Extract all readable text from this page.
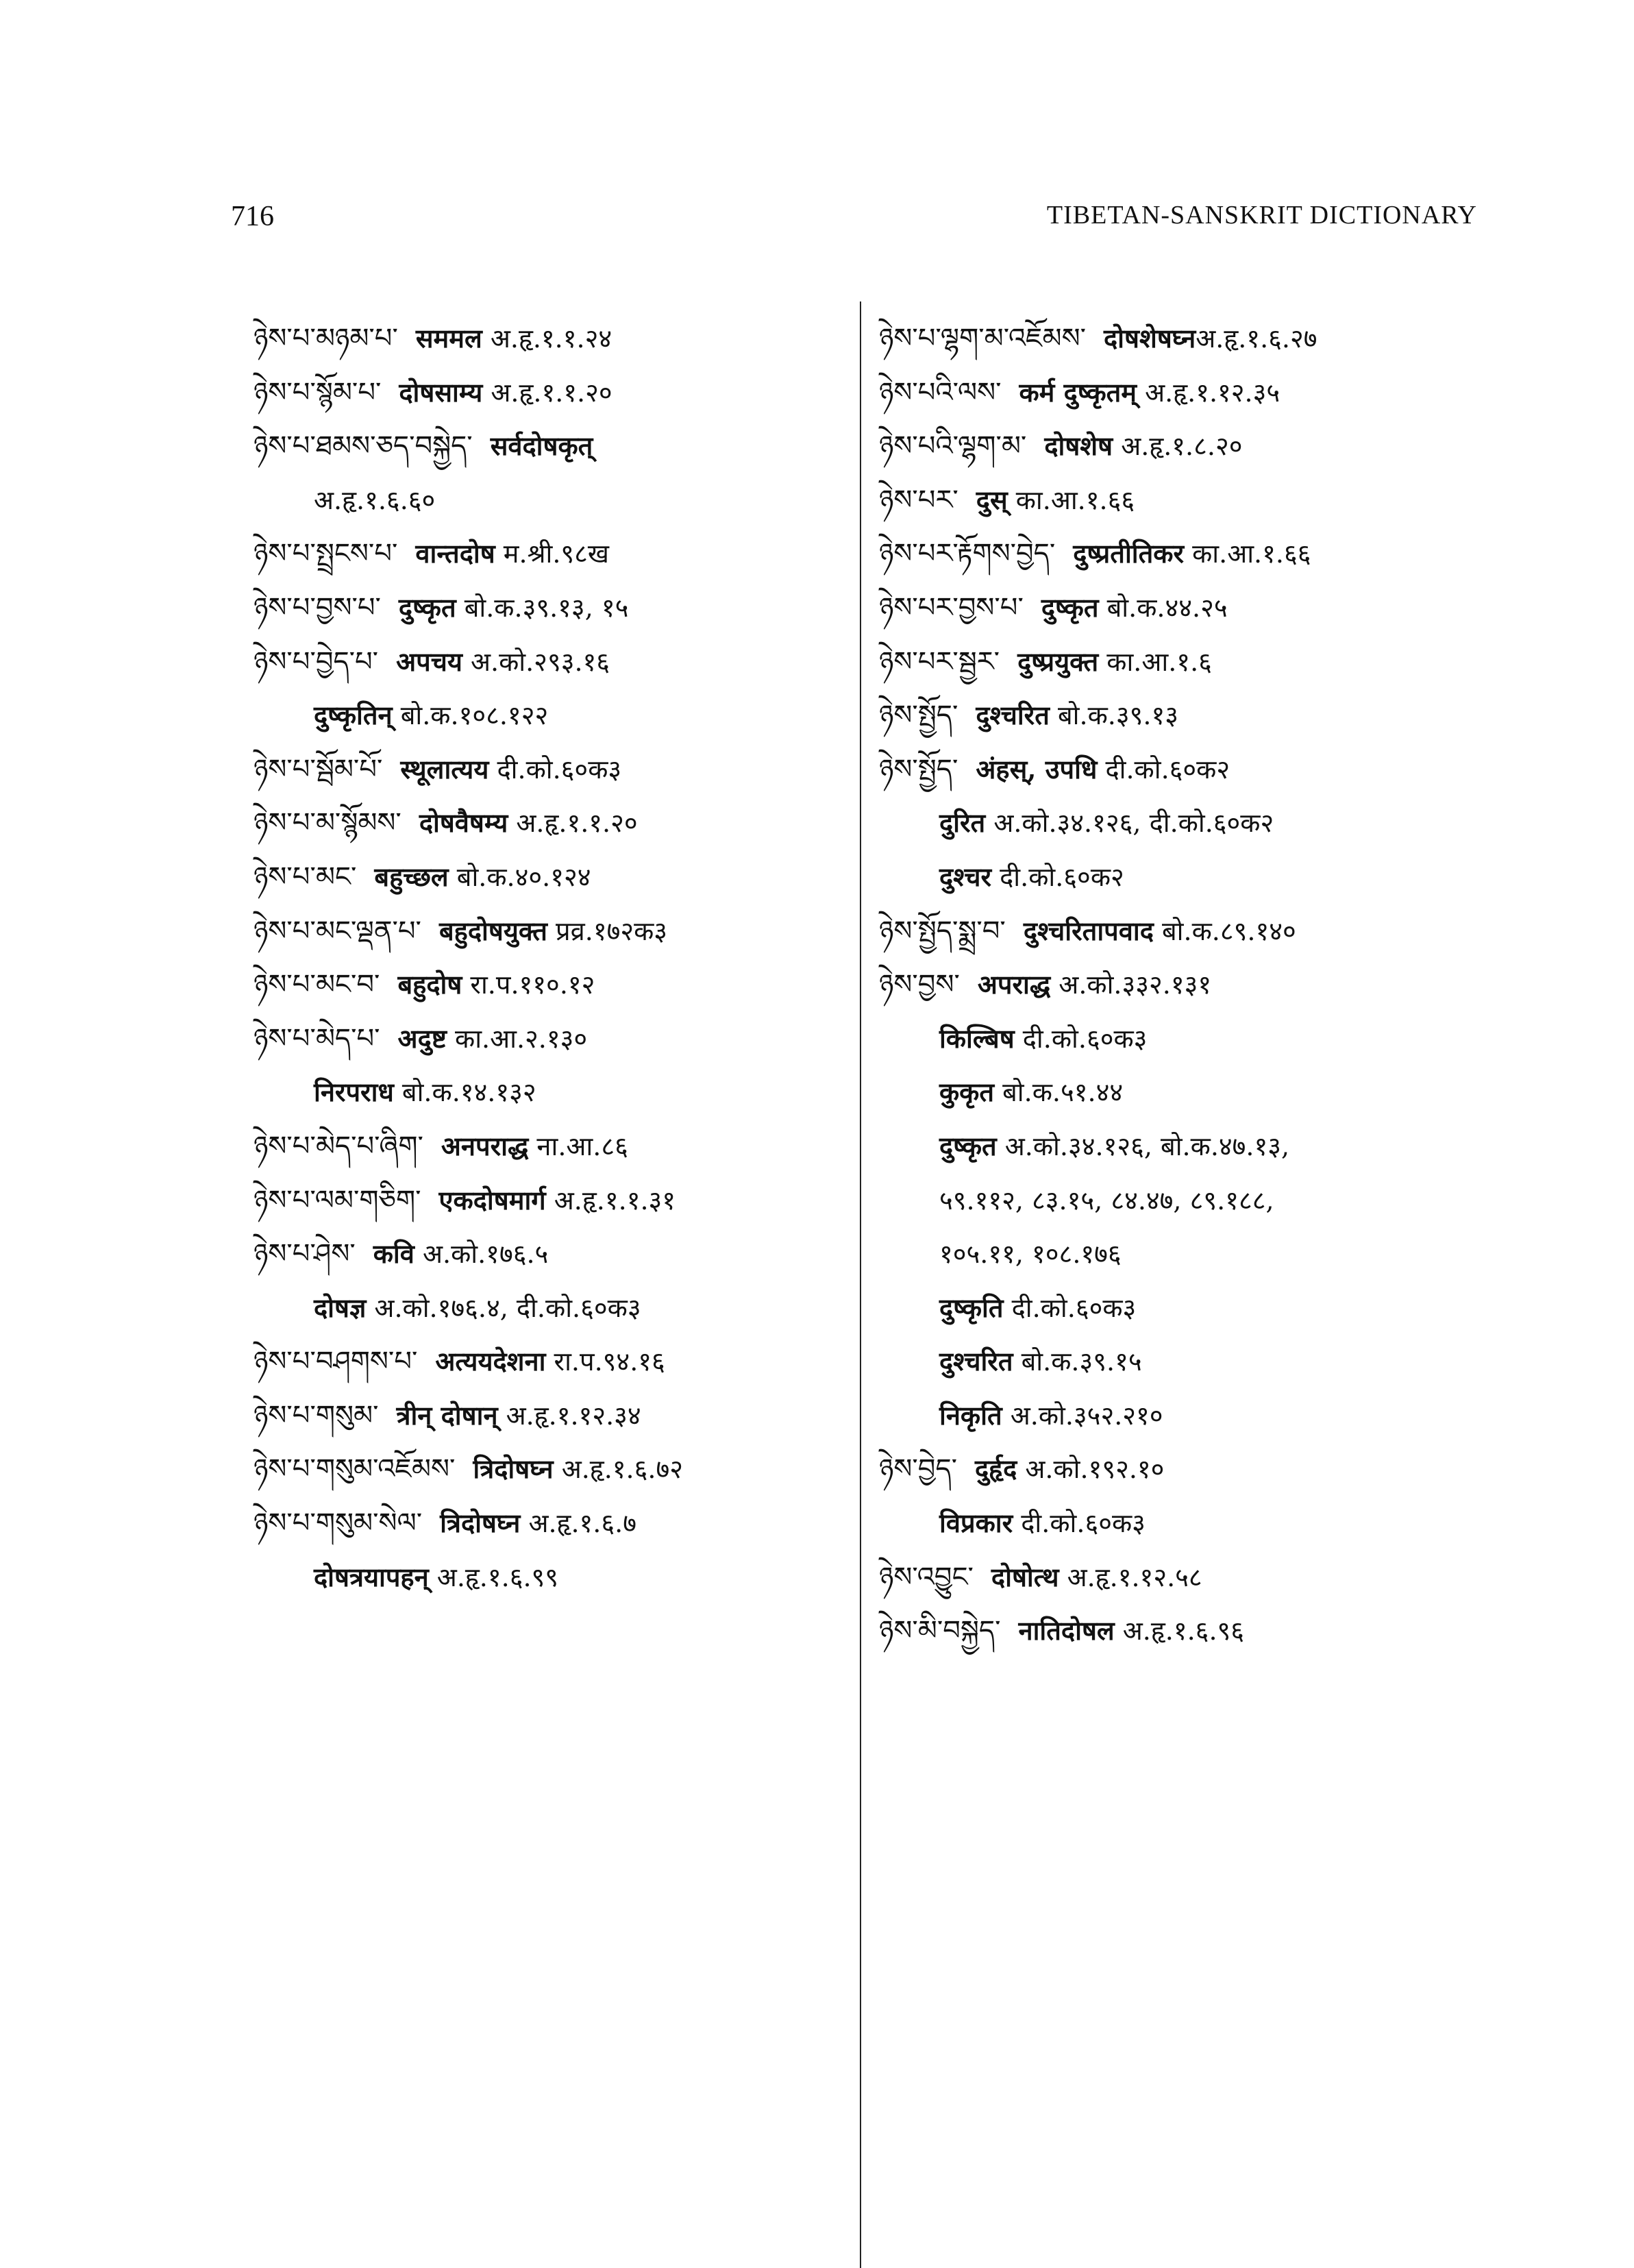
716	TIBETAN-SANSKRIT DICTIONARY
ཉེས་པ་མཉམ་པ་ सममल अ.हृ.१.१.२४
ཉེས་པ་སྙོམ་པ་ दोषसाम्य अ.हृ.१.१.२०
ཉེས་པ་ཐམས་ཅད་བསྐྱེད་ सर्वदोषकृत्
अ.हृ.१.६.६०
ཉེས་པ་སྤྲངས་པ་ वान्तदोष म.श्री.९८ख
ཉེས་པ་བྱས་པ་ दुष्कृत बो.क.३९.१३, १५
ཉེས་པ་བྱེད་པ་ अपचय अ.को.२९३.१६
दुष्कृतिन् बो.क.१०८.१२२
ཉེས་པ་སྦོམ་པོ་ स्थूलात्यय दी.को.६०क३
ཉེས་པ་མ་སྙོམས་ दोषवैषम्य अ.हृ.१.१.२०
ཉེས་པ་མང་ बहुच्छल बो.क.४०.१२४
ཉེས་པ་མང་ལྡན་པ་ बहुदोषयुक्त प्रव्र.१७२क३
ཉེས་པ་མང་བ་ बहुदोष रा.प.११०.१२
ཉེས་པ་མེད་པ་ अदुष्ट का.आ.२.१३०
निरपराध बो.क.१४.१३२
ཉེས་པ་མེད་པ་ཞིག་ अनपराद्ध ना.आ.८६
ཉེས་པ་ལམ་གཅིག་ एकदोषमार्ग अ.हृ.१.१.३१
ཉེས་པ་ཤེས་ कवि अ.को.१७६.५
दोषज्ञ अ.को.१७६.४, दी.को.६०क३
ཉེས་པ་བཤགས་པ་ अत्ययदेशना रा.प.९४.१६
ཉེས་པ་གསུམ་ त्रीन् दोषान् अ.हृ.१.१२.३४
ཉེས་པ་གསུམ་འཇོམས་ त्रिदोषघ्न अ.हृ.१.६.७२
ཉེས་པ་གསུམ་སེལ་ त्रिदोषघ्न अ.हृ.१.६.७
दोषत्रयापहन् अ.हृ.१.६.९९
ཉེས་པ་ལྷག་མ་འཇོམས་ दोषशेषघ्नअ.हृ.१.६.२७
ཉེས་པའི་ལས་ कर्म दुष्कृतम् अ.हृ.१.१२.३५
ཉེས་པའི་ལྷག་མ་ दोषशेष अ.हृ.१.८.२०
ཉེས་པར་ दुस् का.आ.१.६६
ཉེས་པར་རྟོགས་བྱེད་ दुष्प्रतीतिकर का.आ.१.६६
ཉེས་པར་བྱས་པ་ दुष्कृत बो.क.४४.२५
ཉེས་པར་སྦྱར་ दुष्प्रयुक्त का.आ.१.६
ཉེས་སྤྱོད་ दुश्चरित बो.क.३९.१३
ཉེས་སྤྱོད་ अंहस्, उपधि दी.को.६०क२
दुरित अ.को.३४.१२६, दी.को.६०क२
दुश्चर दी.को.६०क२
ཉེས་སྤྱོད་སྨྲ་བ་ दुश्चरितापवाद बो.क.८९.१४०
ཉེས་བྱས་ अपराद्ध अ.को.३३२.१३१
किल्बिष दी.को.६०क३
कुकृत बो.क.५१.४४
दुष्कृत अ.को.३४.१२६, बो.क.४७.१३,
५९.११२, ८३.१५, ८४.४७, ८९.१८८,
१०५.११, १०८.१७६
दुष्कृति दी.को.६०क३
दुश्चरित बो.क.३९.१५
निकृति अ.को.३५२.२१०
ཉེས་བྱེད་ दुर्हृद अ.को.१९२.१०
विप्रकार दी.को.६०क३
ཉེས་འབྱུང་ दोषोत्थ अ.हृ.१.१२.५८
ཉེས་མི་བསྐྱེད་ नातिदोषल अ.हृ.१.६.९६
